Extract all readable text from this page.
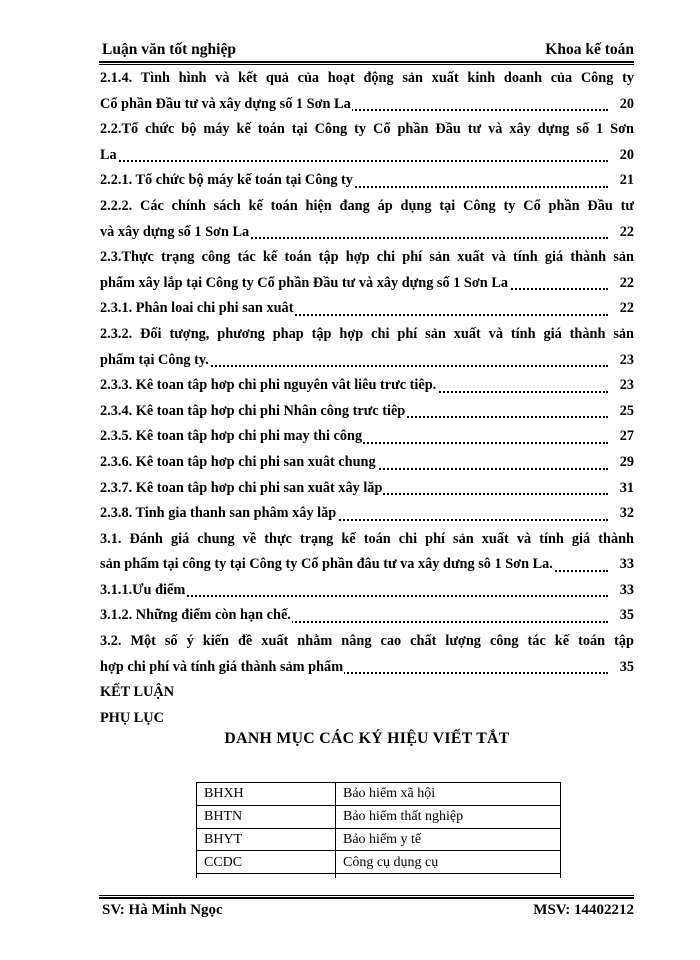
Luận văn tốt nghiệp	Khoa kế toán
2.1.4. Tình hình và kết quả của hoạt động sản xuất kinh doanh của Công ty
Cổ phần Đầu tư và xây dựng số 1 Sơn La	20
2.2.Tổ chức bộ máy kế toán tại Công ty Cổ phần Đầu tư và xây dựng số 1 Sơn
La	20
2.2.1. Tổ chức bộ máy kế toán tại Công ty	21
2.2.2. Các chính sách kế toán hiện đang áp dụng tại Công ty Cổ phần Đầu tư
và xây dựng số 1 Sơn La	22
2.3.Thực trạng công tác kế toán tập hợp chi phí sản xuất và tính giá thành sản
phẩm xây lắp tại Công ty Cổ phần Đầu tư và xây dựng số 1 Sơn La	22
2.3.1. Phân loai chi phi san xuât	22
2.3.2. Đối tượng, phương phap tập hợp chi phí sản xuất và tính giá thành sản
phẩm tại Công ty.	23
2.3.3. Kê toan tâp hơp chi phi nguyên vât liêu trưc tiêp.	23
2.3.4. Kê toan tâp hơp chi phi Nhân công trưc tiêp	25
2.3.5. Kê toan tâp hơp chi phi may thi công	27
2.3.6. Kê toan tâp hơp chi phi san xuât chung	29
2.3.7. Kê toan tâp hơp chi phi san xuât xây lăp	31
2.3.8. Tinh gia thanh san phâm xây lăp	32
3.1. Đánh giá chung về thực trạng kế toán chi phí sản xuất và tính giá thành
sản phẩm tại công ty tại Công ty Cổ phần đâu tư va xây dưng sô 1 Sơn La.	33
3.1.1.Ưu điểm	33
3.1.2. Những điểm còn hạn chế.	35
3.2. Một số ý kiến đề xuất nhằm nâng cao chất lượng công tác kế toán tập
hợp chi phí và tính giá thành sảm phẩm	35
KẾT LUẬN
PHỤ LỤC
DANH MỤC CÁC KÝ HIỆU VIẾT TẮT
BHXH	Bảo hiểm xã hội
BHTN	Bảo hiểm thất nghiệp
BHYT	Bảo hiểm y tế
CCDC	Công cụ dụng cụ

SV: Hà Minh Ngọc	MSV: 14402212
